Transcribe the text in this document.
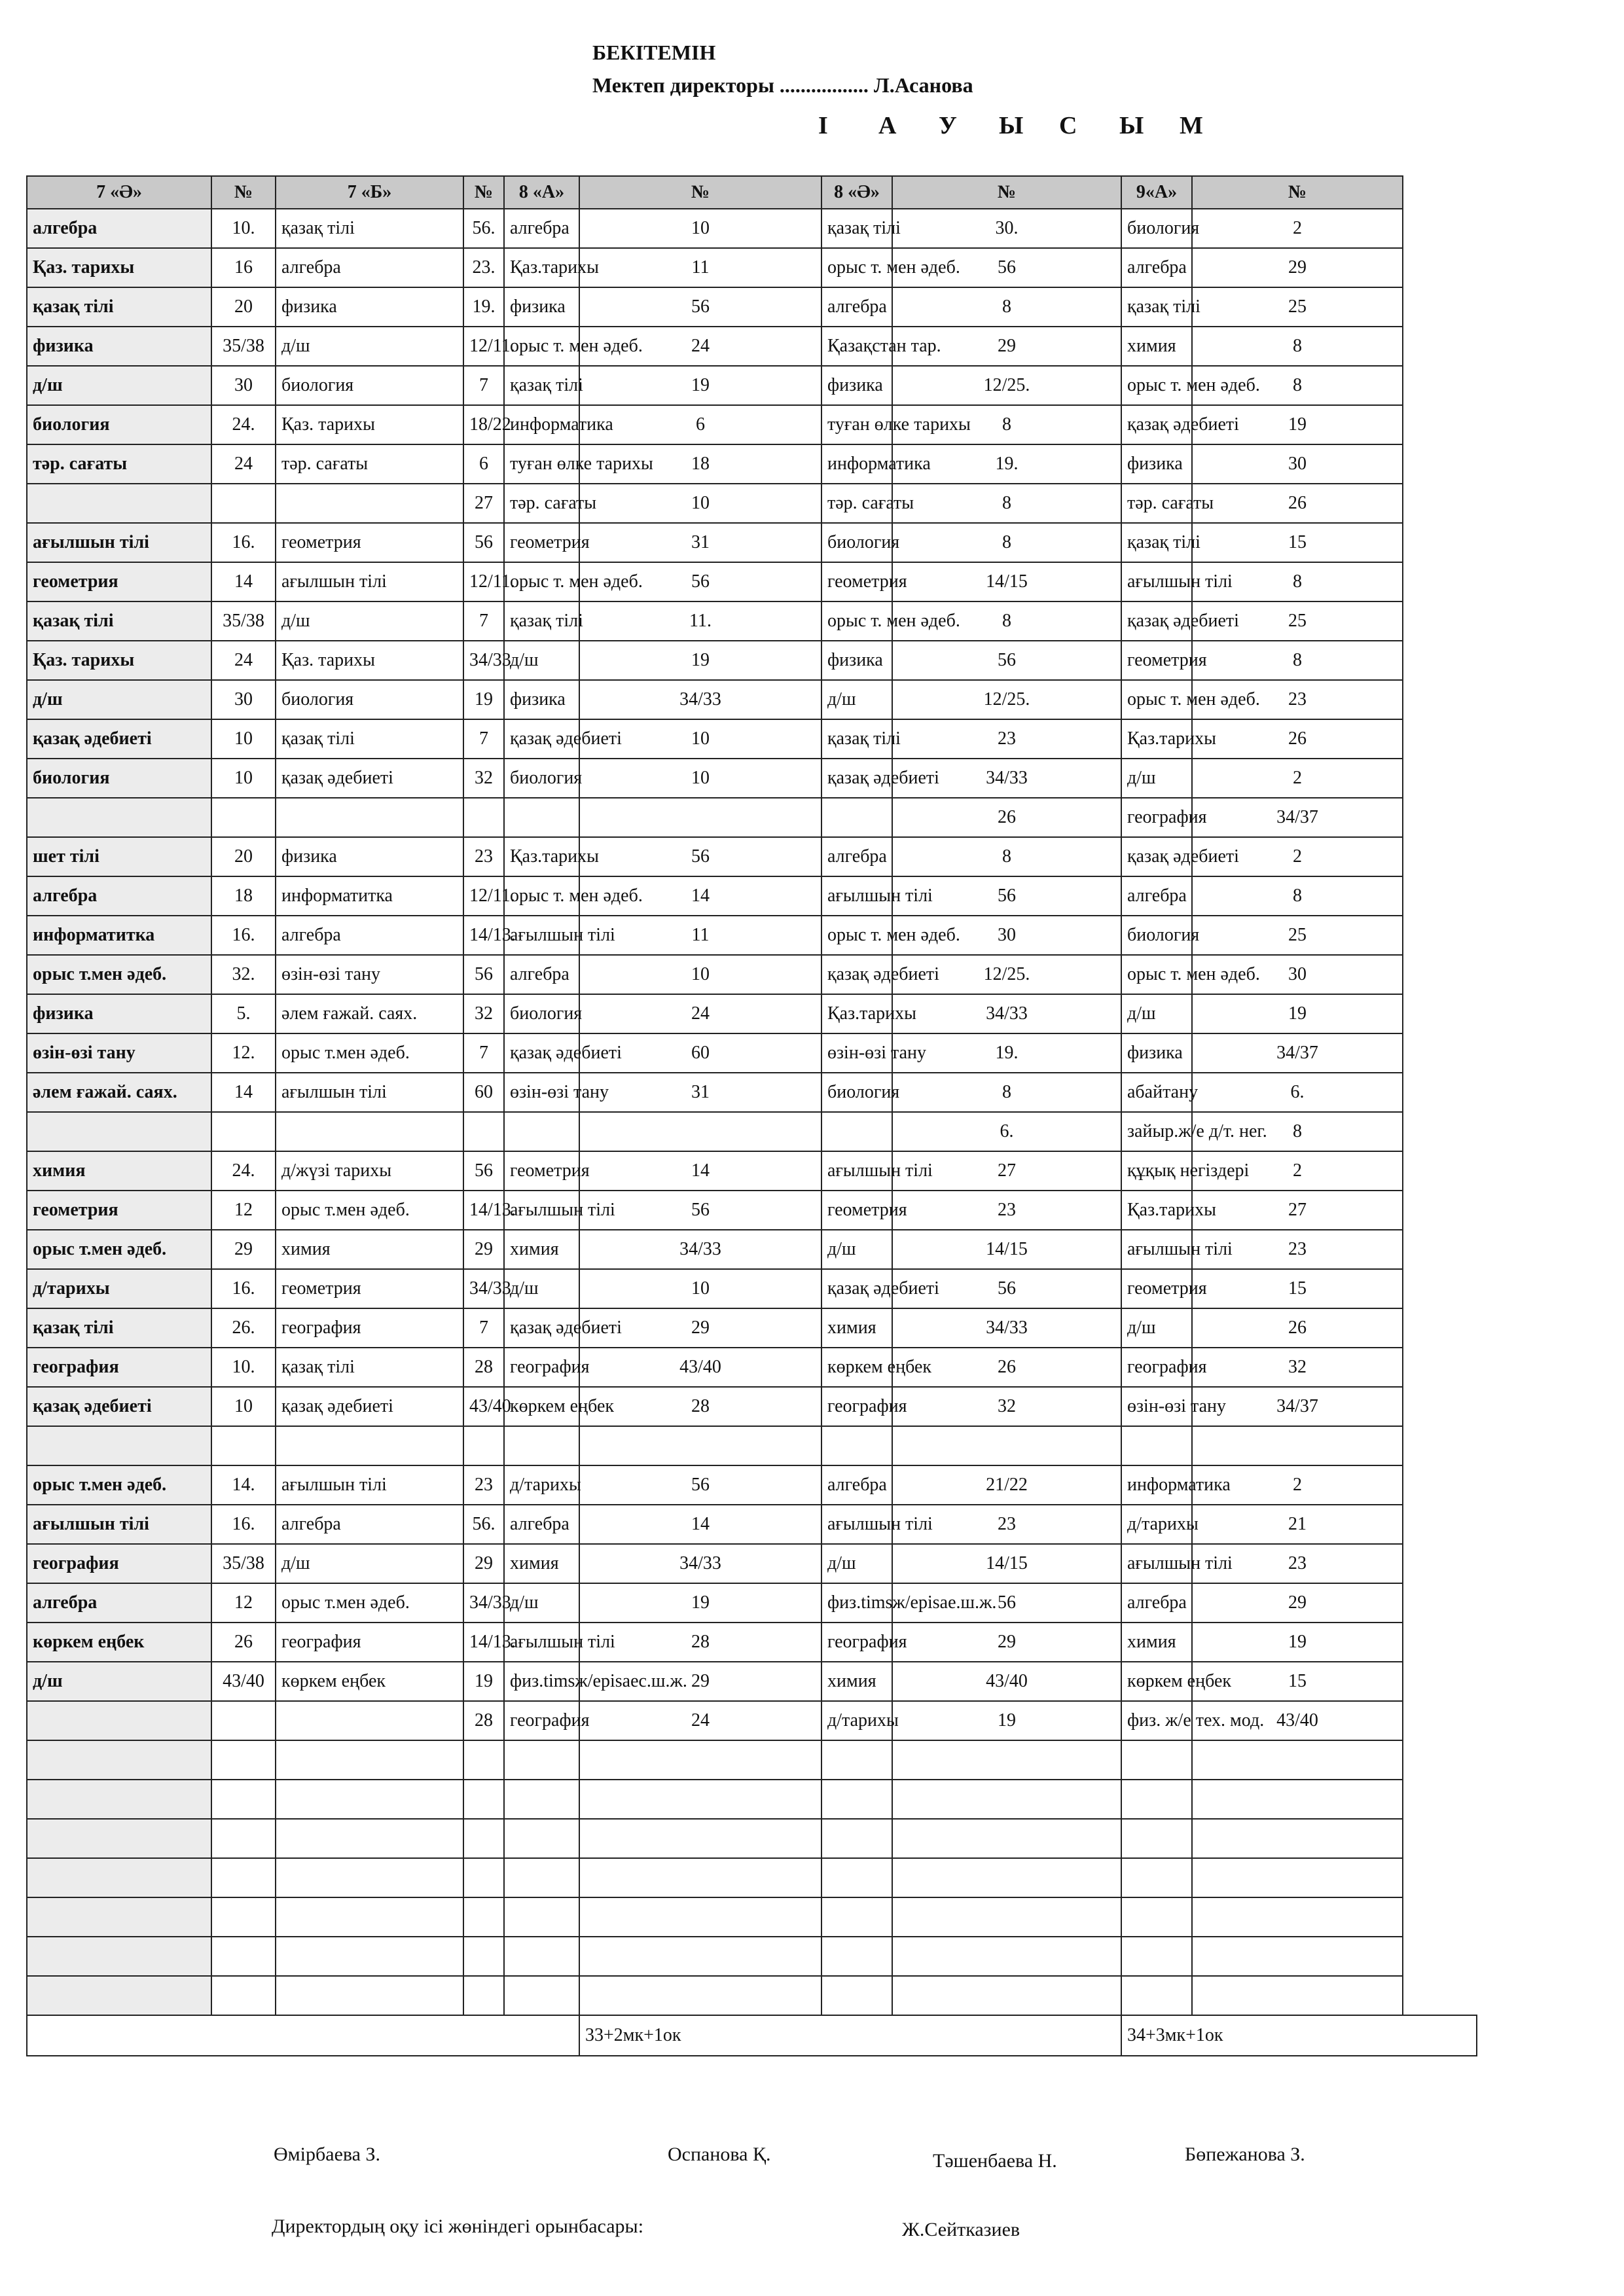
БЕКІТЕМІН
Мектеп директоры ................. Л.Асанова
І А У Ы С Ы М
7 «Ә»	№	7 «Б»		№	8 «А»	№	8 «Ә»	№	9«А»	№
алгебра	10.	қазақ тілі		56.	алгебра	10	қазақ тілі	30.	биология	2
Қаз. тарихы	16	алгебра		23.	Қаз.тарихы	11	орыс т. мен әдеб.	56	алгебра	29
қазақ тілі	20	физика		19.	физика	56	алгебра	8	қазақ тілі	25
физика	35/38	д/ш		12/11.	орыс т. мен әдеб.	24	Қазақстан тар.	29	химия	8
д/ш	30	биология		7	қазақ тілі	19	физика	12/25.	орыс т. мен әдеб.	8
биология	24.	Қаз. тарихы		18/22	информатика	6	туған өлке тарихы	8	қазақ әдебиеті	19
тәр. сағаты	24	тәр. сағаты		6	туған өлке тарихы	18	информатика	19.	физика	30
				27	тәр. сағаты	10	тәр. сағаты	8	тәр. сағаты	26
ағылшын тілі	16.	геометрия		56	геометрия	31	биология	8	қазақ тілі	15
геометрия	14	ағылшын тілі		12/11.	орыс т. мен әдеб.	56	геометрия	14/15	ағылшын тілі	8
қазақ тілі	35/38	д/ш		7	қазақ тілі	11.	орыс т. мен әдеб.	8	қазақ әдебиеті	25
Қаз. тарихы	24	Қаз. тарихы		34/33	д/ш	19	физика	56	геометрия	8
д/ш	30	биология		19	физика	34/33	д/ш	12/25.	орыс т. мен әдеб.	23
қазақ әдебиеті	10	қазақ тілі		7	қазақ әдебиеті	10	қазақ тілі	23	Қаз.тарихы	26
биология	10	қазақ әдебиеті		32	биология	10	қазақ әдебиеті	34/33	д/ш	2
								26	география	34/37
шет тілі	20	физика		23	Қаз.тарихы	56	алгебра	8	қазақ әдебиеті	2
алгебра	18	информатитка		12/11.	орыс т. мен әдеб.	14	ағылшын тілі	56	алгебра	8
информатитка	16.	алгебра		14/13.	ағылшын тілі	11	орыс т. мен әдеб.	30	биология	25
орыс т.мен әдеб.	32.	өзін-өзі тану		56	алгебра	10	қазақ әдебиеті	12/25.	орыс т. мен әдеб.	30
физика	5.	әлем ғажай. саях.		32	биология	24	Қаз.тарихы	34/33	д/ш	19
өзін-өзі тану	12.	орыс т.мен әдеб.		7	қазақ әдебиеті	60	өзін-өзі тану	19.	физика	34/37
әлем ғажай. саях.	14	ағылшын тілі		60	өзін-өзі тану	31	биология	8	абайтану	6.
								6.	зайыр.ж/е д/т. нег.	8
химия	24.	д/жүзі тарихы		56	геометрия	14	ағылшын тілі	27	құқық негіздері	2
геометрия	12	орыс т.мен әдеб.		14/13.	ағылшын тілі	56	геометрия	23	Қаз.тарихы	27
орыс т.мен әдеб.	29	химия		29	химия	34/33	д/ш	14/15	ағылшын тілі	23
д/тарихы	16.	геометрия		34/33	д/ш	10	қазақ әдебиеті	56	геометрия	15
қазақ тілі	26.	география		7	қазақ әдебиеті	29	химия	34/33	д/ш	26
география	10.	қазақ тілі		28	география	43/40	көркем еңбек	26	география	32
қазақ әдебиеті	10	қазақ әдебиеті		43/40	көркем еңбек	28	география	32	өзін-өзі тану	34/37

орыс т.мен әдеб.	14.	ағылшын тілі		23	д/тарихы	56	алгебра	21/22	информатика	2
ағылшын тілі	16.	алгебра		56.	алгебра	14	ағылшын тілі	23	д/тарихы	21
география	35/38	д/ш		29	химия	34/33	д/ш	14/15	ағылшын тілі	23
алгебра	12	орыс т.мен әдеб.		34/33	д/ш	19	физ.timsж/ерisae.ш.ж.	56	алгебра	29
көркем еңбек	26	география		14/13.	ағылшын тілі	28	география	29	химия	19
д/ш	43/40	көркем еңбек		19	физ.timsж/ерisaec.ш.ж.	29	химия	43/40	көркем еңбек	15
				28	география	24	д/тарихы	19	физ. ж/е тех. мод.	43/40

					33+2мк+1ок			34+3мк+1ок	
Өмірбаева З.	Оспанова Қ.	Тәшенбаева Н.	Бөпежанова З.
Директордың оқу ісі жөніндегі орынбасары:	Ж.Сейтказиев
